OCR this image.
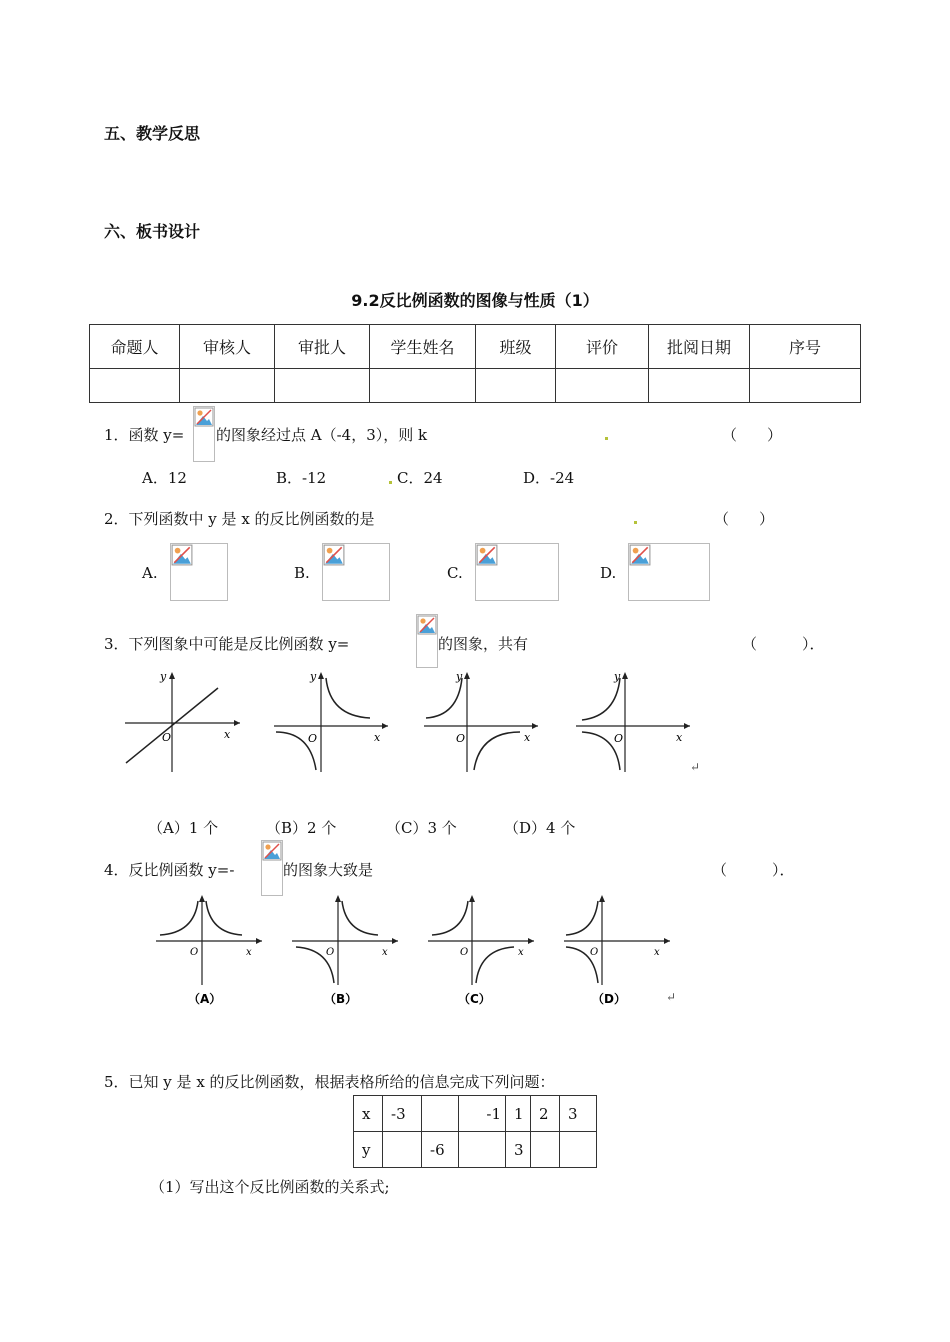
五、教学反思
六、板书设计
9.2反比例函数的图像与性质（1）
命题人	审核人	审批人	学生姓名	班级	评价	批阅日期	序号

1．函数 y= 的图象经过点 A（-4，3），则 k	（　　）
A．12	B．-12	C．24	D．-24
2．下列函数中 y 是 x 的反比例函数的是	（　　）
A.	B.	C.	D.
3．下列图象中可能是反比例函数 y=	的图象，共有	（　　　）．
y
x
O
y
x
O
y
x
O
y
x
O
↵
（A）1 个	（B）2 个	（C）3 个	（D）4 个
4．反比例函数 y=-	的图象大致是	（　　　）．
O	x
（A）
O	x
（B）
O	x
（C）
O	x
（D）	↵
5．已知 y 是 x 的反比例函数，根据表格所给的信息完成下列问题：
x	-3		-1	1	2	3
y		-6		3		
（1）写出这个反比例函数的关系式;
